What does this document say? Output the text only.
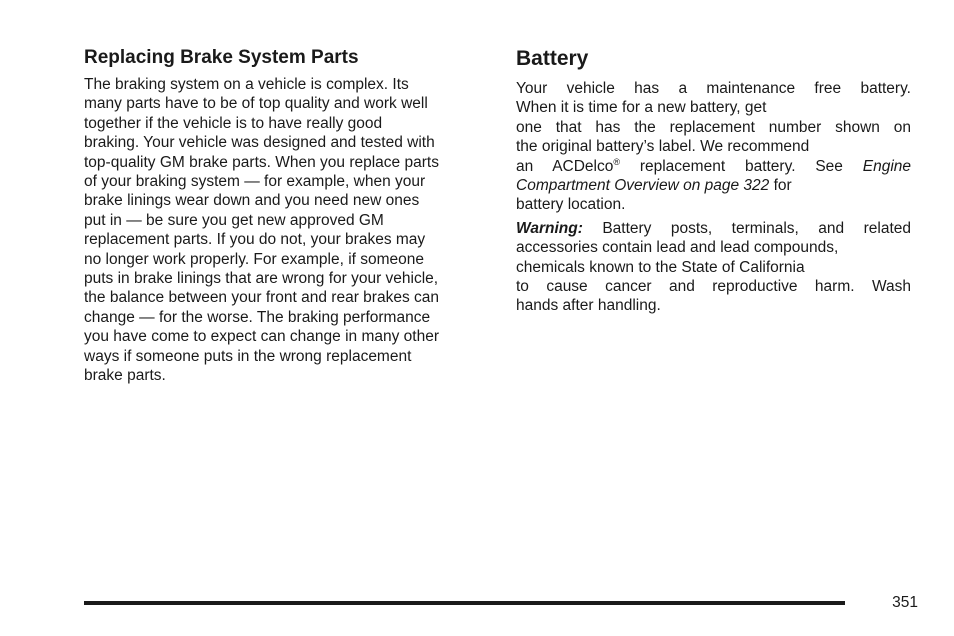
Replacing Brake System Parts

The braking system on a vehicle is complex. Its
many parts have to be of top quality and work well
together if the vehicle is to have really good
braking. Your vehicle was designed and tested with
top-quality GM brake parts. When you replace parts
of your braking system — for example, when your
brake linings wear down and you need new ones
put in — be sure you get new approved GM
replacement parts. If you do not, your brakes may
no longer work properly. For example, if someone
puts in brake linings that are wrong for your vehicle,
the balance between your front and rear brakes can
change — for the worse. The braking performance
you have come to expect can change in many other
ways if someone puts in the wrong replacement
brake parts.

Battery

Your vehicle has a maintenance free battery.
When it is time for a new battery, get
one that has the replacement number shown on
the original battery’s label. We recommend
an ACDelco® replacement battery. See Engine
Compartment Overview on page 322 for
battery location.

Warning: Battery posts, terminals, and related
accessories contain lead and lead compounds,
chemicals known to the State of California
to cause cancer and reproductive harm. Wash
hands after handling.

351
